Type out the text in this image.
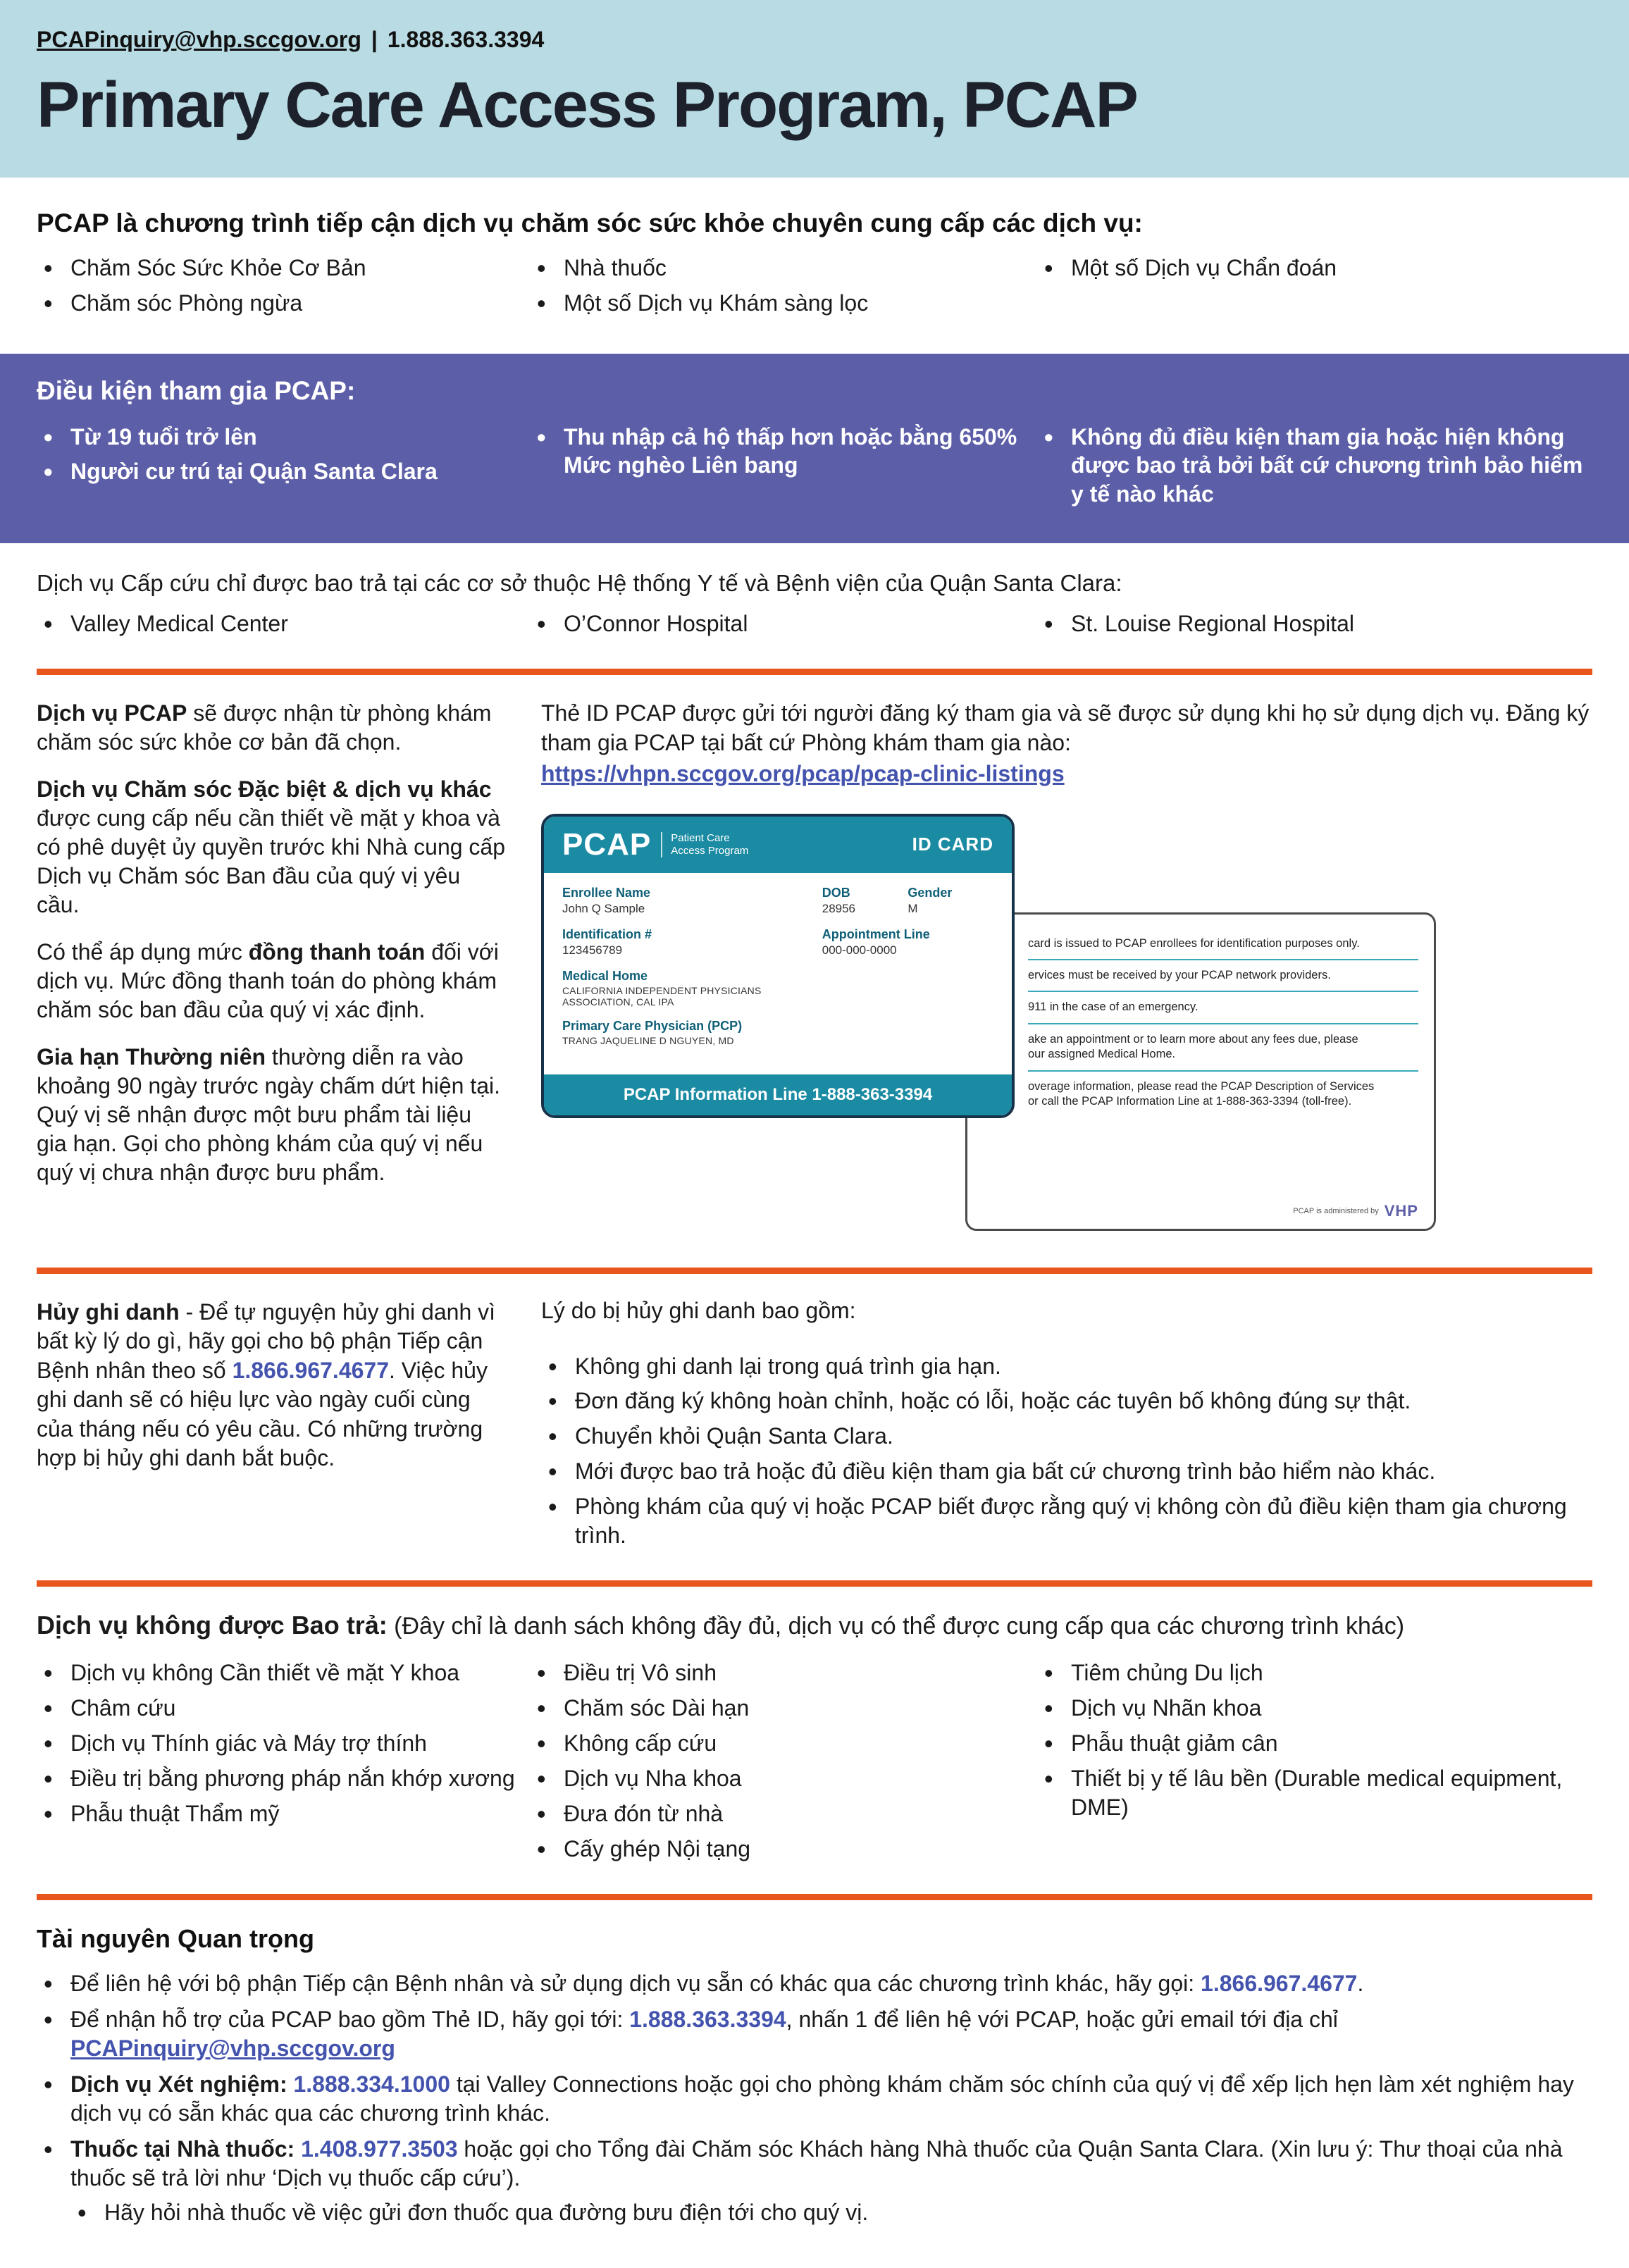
PCAPinquiry@vhp.sccgov.org | 1.888.363.3394
Primary Care Access Program, PCAP
PCAP là chương trình tiếp cận dịch vụ chăm sóc sức khỏe chuyên cung cấp các dịch vụ:
• Chăm Sóc Sức Khỏe Cơ Bản
• Chăm sóc Phòng ngừa
• Nhà thuốc
• Một số Dịch vụ Khám sàng lọc
• Một số Dịch vụ Chẩn đoán
Điều kiện tham gia PCAP:
• Từ 19 tuổi trở lên
• Người cư trú tại Quận Santa Clara
• Thu nhập cả hộ thấp hơn hoặc bằng 650% Mức nghèo Liên bang
• Không đủ điều kiện tham gia hoặc hiện không được bao trả bởi bất cứ chương trình bảo hiểm y tế nào khác

Dịch vụ Cấp cứu chỉ được bao trả tại các cơ sở thuộc Hệ thống Y tế và Bệnh viện của Quận Santa Clara:

• Valley Medical Center	• O’Connor Hospital	• St. Louise Regional Hospital

Dịch vụ PCAP sẽ được nhận từ phòng khám chăm sóc sức khỏe cơ bản đã chọn.

Dịch vụ Chăm sóc Đặc biệt & dịch vụ khác được cung cấp nếu cần thiết về mặt y khoa và có phê duyệt ủy quyền trước khi Nhà cung cấp Dịch vụ Chăm sóc Ban đầu của quý vị yêu cầu.

Có thể áp dụng mức đồng thanh toán đối với dịch vụ. Mức đồng thanh toán do phòng khám chăm sóc ban đầu của quý vị xác định.

Gia hạn Thường niên thường diễn ra vào khoảng 90 ngày trước ngày chấm dứt hiện tại. Quý vị sẽ nhận được một bưu phẩm tài liệu gia hạn. Gọi cho phòng khám của quý vị nếu quý vị chưa nhận được bưu phẩm.

Thẻ ID PCAP được gửi tới người đăng ký tham gia và sẽ được sử dụng khi họ sử dụng dịch vụ. Đăng ký tham gia PCAP tại bất cứ Phòng khám tham gia nào:

https://vhpn.sccgov.org/pcap/pcap-clinic-listings
card is issued to PCAP enrollees for identification purposes only.
ervices must be received by your PCAP network providers.
911 in the case of an emergency.
ake an appointment or to learn more about any fees due, please
our assigned Medical Home.
overage information, please read the PCAP Description of Services
or call the PCAP Information Line at 1-888-363-3394 (toll-free).
PCAP is administered by VHP
PCAP	Patient Care
Access Program	ID CARD
Enrollee Name
John Q Sample
Identification #
123456789
Medical Home
CALIFORNIA INDEPENDENT PHYSICIANS ASSOCIATION, CAL IPA
Primary Care Physician (PCP)
TRANG JAQUELINE D NGUYEN, MD
DOB
28956
Gender
M
Appointment Line
000-000-0000
PCAP Information Line 1-888-363-3394

Hủy ghi danh - Để tự nguyện hủy ghi danh vì bất kỳ lý do gì, hãy gọi cho bộ phận Tiếp cận Bệnh nhân theo số 1.866.967.4677. Việc hủy ghi danh sẽ có hiệu lực vào ngày cuối cùng của tháng nếu có yêu cầu. Có những trường hợp bị hủy ghi danh bắt buộc.

Lý do bị hủy ghi danh bao gồm:

• Không ghi danh lại trong quá trình gia hạn.
• Đơn đăng ký không hoàn chỉnh, hoặc có lỗi, hoặc các tuyên bố không đúng sự thật.
• Chuyển khỏi Quận Santa Clara.
• Mới được bao trả hoặc đủ điều kiện tham gia bất cứ chương trình bảo hiểm nào khác.
• Phòng khám của quý vị hoặc PCAP biết được rằng quý vị không còn đủ điều kiện tham gia chương trình.

Dịch vụ không được Bao trả: (Đây chỉ là danh sách không đầy đủ, dịch vụ có thể được cung cấp qua các chương trình khác)

• Dịch vụ không Cần thiết về mặt Y khoa
• Châm cứu
• Dịch vụ Thính giác và Máy trợ thính
• Điều trị bằng phương pháp nắn khớp xương
• Phẫu thuật Thẩm mỹ
• Điều trị Vô sinh
• Chăm sóc Dài hạn
• Không cấp cứu
• Dịch vụ Nha khoa
• Đưa đón từ nhà
• Cấy ghép Nội tạng
• Tiêm chủng Du lịch
• Dịch vụ Nhãn khoa
• Phẫu thuật giảm cân
• Thiết bị y tế lâu bền (Durable medical equipment, DME)
Tài nguyên Quan trọng
• Để liên hệ với bộ phận Tiếp cận Bệnh nhân và sử dụng dịch vụ sẵn có khác qua các chương trình khác, hãy gọi: 1.866.967.4677.
• Để nhận hỗ trợ của PCAP bao gồm Thẻ ID, hãy gọi tới: 1.888.363.3394, nhấn 1 để liên hệ với PCAP, hoặc gửi email tới địa chỉ PCAPinquiry@vhp.sccgov.org
• Dịch vụ Xét nghiệm: 1.888.334.1000 tại Valley Connections hoặc gọi cho phòng khám chăm sóc chính của quý vị để xếp lịch hẹn làm xét nghiệm hay dịch vụ có sẵn khác qua các chương trình khác.
• Thuốc tại Nhà thuốc: 1.408.977.3503 hoặc gọi cho Tổng đài Chăm sóc Khách hàng Nhà thuốc của Quận Santa Clara. (Xin lưu ý: Thư thoại của nhà thuốc sẽ trả lời như ‘Dịch vụ thuốc cấp cứu’).
• Hãy hỏi nhà thuốc về việc gửi đơn thuốc qua đường bưu điện tới cho quý vị.
